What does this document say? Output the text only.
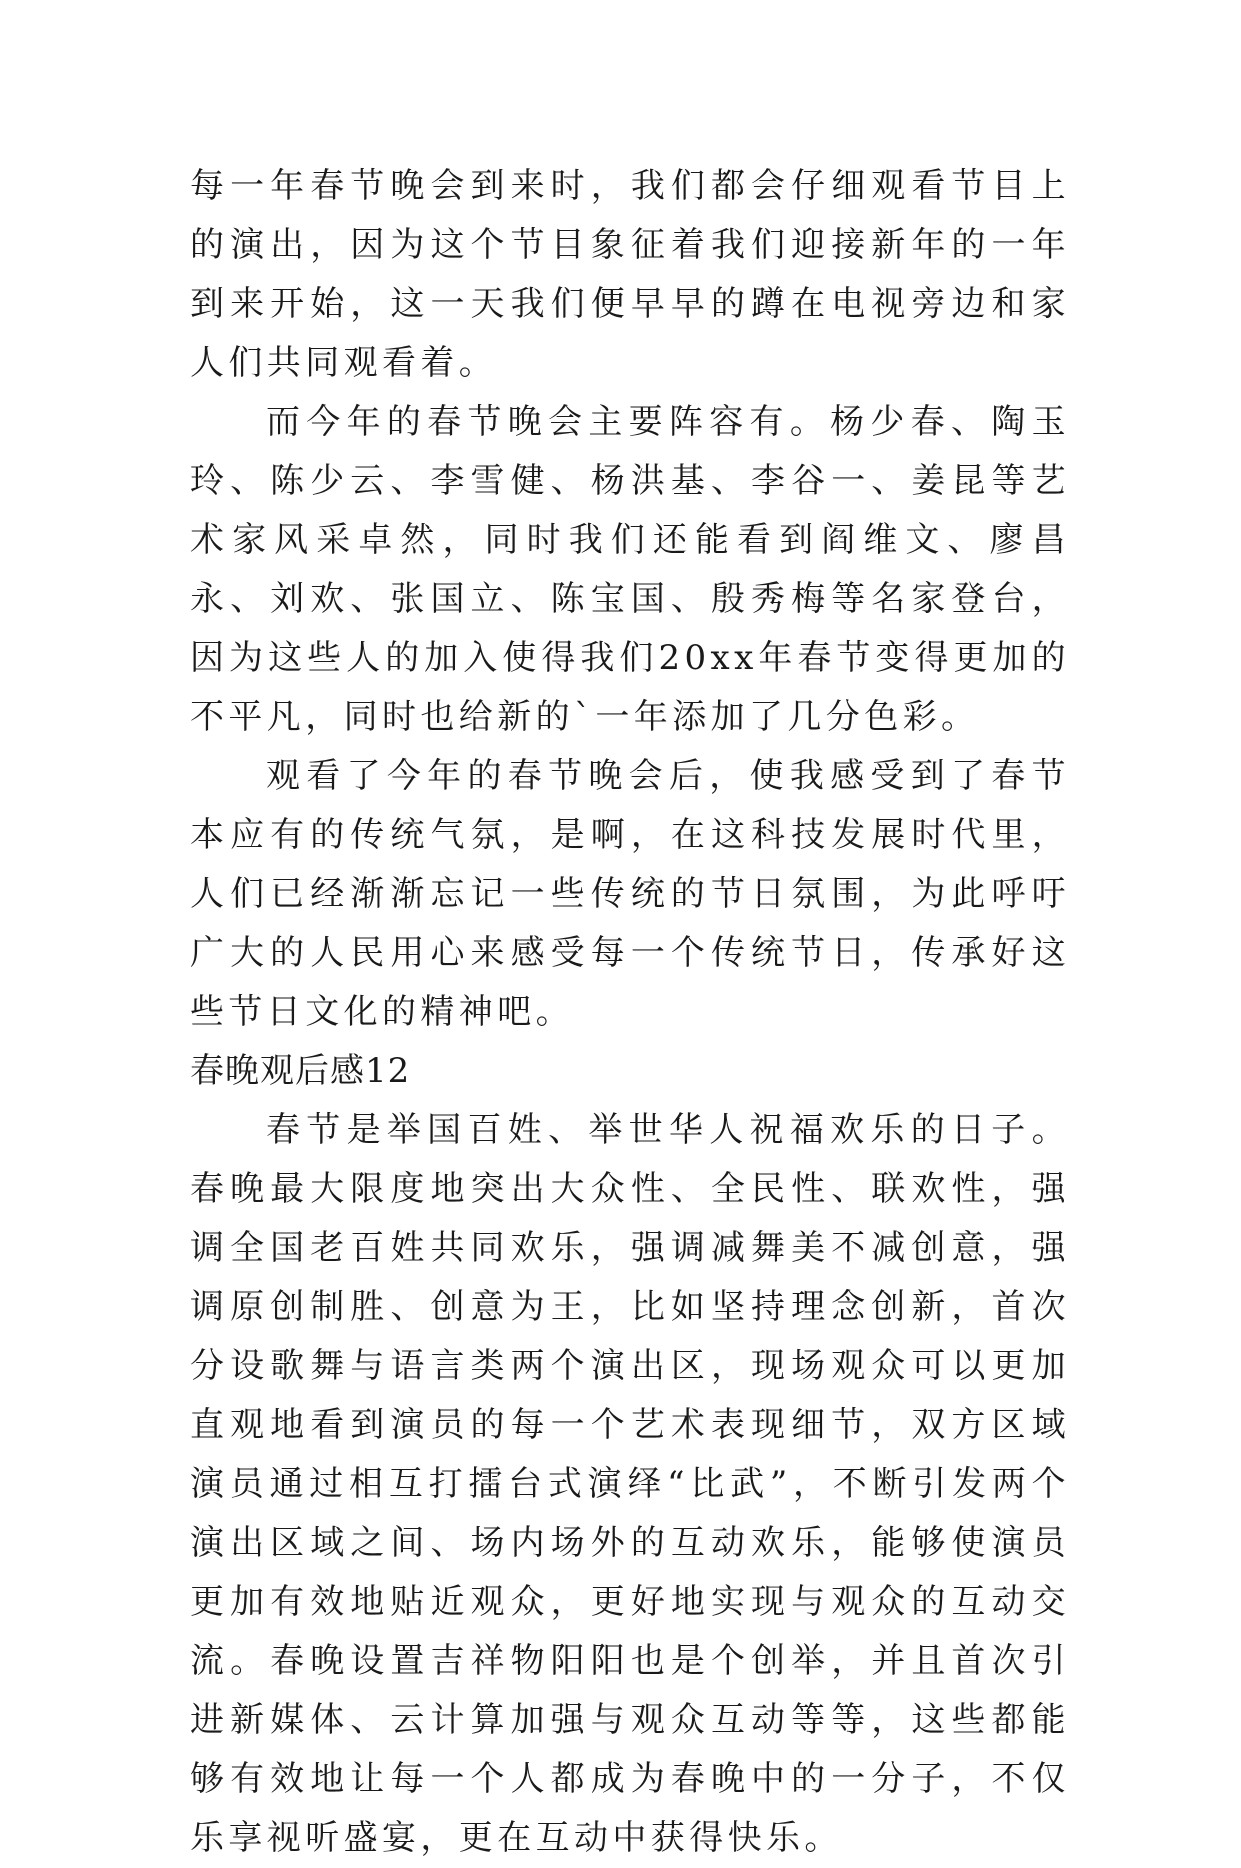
每一年春节晚会到来时，我们都会仔细观看节目上的演出，因为这个节目象征着我们迎接新年的一年到来开始，这一天我们便早早的蹲在电视旁边和家人们共同观看着。

而今年的春节晚会主要阵容有。杨少春、陶玉玲、陈少云、李雪健、杨洪基、李谷一、姜昆等艺术家风采卓然，同时我们还能看到阎维文、廖昌永、刘欢、张国立、陈宝国、殷秀梅等名家登台，因为这些人的加入使得我们20xx年春节变得更加的不平凡，同时也给新的`一年添加了几分色彩。

观看了今年的春节晚会后，使我感受到了春节本应有的传统气氛，是啊，在这科技发展时代里，人们已经渐渐忘记一些传统的节日氛围，为此呼吁广大的人民用心来感受每一个传统节日，传承好这些节日文化的精神吧。

春晚观后感12

春节是举国百姓、举世华人祝福欢乐的日子。春晚最大限度地突出大众性、全民性、联欢性，强调全国老百姓共同欢乐，强调减舞美不减创意，强调原创制胜、创意为王，比如坚持理念创新，首次分设歌舞与语言类两个演出区，现场观众可以更加直观地看到演员的每一个艺术表现细节，双方区域演员通过相互打擂台式演绎“比武”，不断引发两个演出区域之间、场内场外的互动欢乐，能够使演员更加有效地贴近观众，更好地实现与观众的互动交流。春晚设置吉祥物阳阳也是个创举，并且首次引进新媒体、云计算加强与观众互动等等，这些都能够有效地让每一个人都成为春晚中的一分子，不仅乐享视听盛宴，更在互动中获得快乐。
